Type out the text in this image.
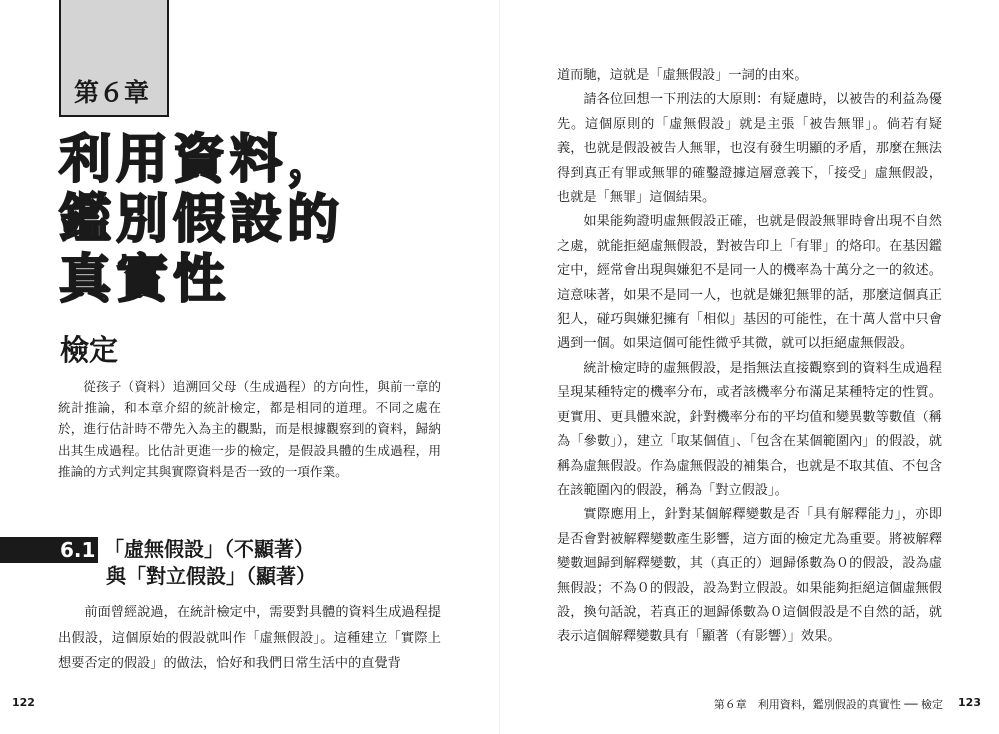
第６章
利用資料，
鑑別假設的
真實性
檢定

從孩子（資料）追溯回父母（生成過程）的方向性，與前一章的統計推論，和本章介紹的統計檢定，都是相同的道理。不同之處在於，進行估計時不帶先入為主的觀點，而是根據觀察到的資料，歸納出其生成過程。比估計更進一步的檢定，是假設具體的生成過程，用推論的方式判定其與實際資料是否一致的一項作業。

6.1 「虛無假設」（不顯著）
與「對立假設」（顯著）

前面曾經說過，在統計檢定中，需要對具體的資料生成過程提出假設，這個原始的假設就叫作「虛無假設」。這種建立「實際上想要否定的假設」的做法，恰好和我們日常生活中的直覺背

122

道而馳，這就是「虛無假設」一詞的由來。

請各位回想一下刑法的大原則：有疑慮時，以被告的利益為優先。這個原則的「虛無假設」就是主張「被告無罪」。倘若有疑義，也就是假設被告人無罪，也沒有發生明顯的矛盾，那麼在無法得到真正有罪或無罪的確鑿證據這層意義下，「接受」虛無假設，也就是「無罪」這個結果。

如果能夠證明虛無假設正確，也就是假設無罪時會出現不自然之處，就能拒絕虛無假設，對被告印上「有罪」的烙印。在基因鑑定中，經常會出現與嫌犯不是同一人的機率為十萬分之一的敘述。這意味著，如果不是同一人，也就是嫌犯無罪的話，那麼這個真正犯人，碰巧與嫌犯擁有「相似」基因的可能性，在十萬人當中只會遇到一個。如果這個可能性微乎其微，就可以拒絕虛無假設。

統計檢定時的虛無假設，是指無法直接觀察到的資料生成過程呈現某種特定的機率分布，或者該機率分布滿足某種特定的性質。更實用、更具體來說，針對機率分布的平均值和變異數等數值（稱為「參數」），建立「取某個值」、「包含在某個範圍內」的假設，就稱為虛無假設。作為虛無假設的補集合，也就是不取其值、不包含在該範圍內的假設，稱為「對立假設」。

實際應用上，針對某個解釋變數是否「具有解釋能力」，亦即是否會對被解釋變數產生影響，這方面的檢定尤為重要。將被解釋變數迴歸到解釋變數，其（真正的）迴歸係數為０的假設，設為虛無假設；不為０的假設，設為對立假設。如果能夠拒絕這個虛無假設，換句話說，若真正的迴歸係數為０這個假設是不自然的話，就表示這個解釋變數具有「顯著（有影響）」效果。

第６章　利用資料，鑑別假設的真實性 ── 檢定 123
